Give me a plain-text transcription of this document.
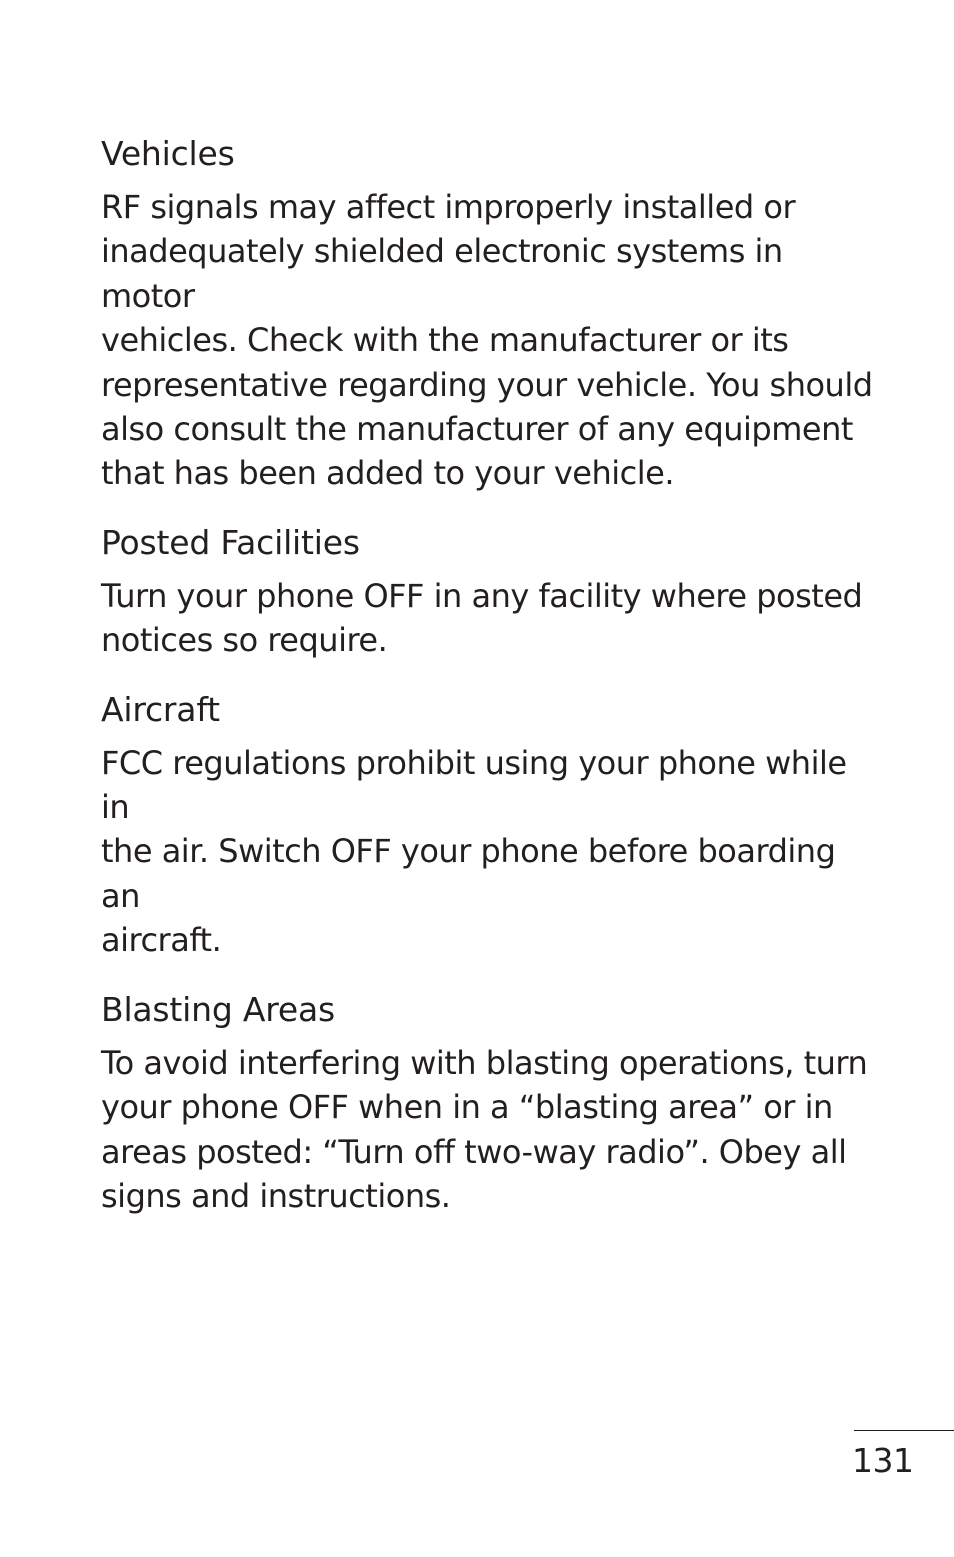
Vehicles

RF signals may affect improperly installed or
inadequately shielded electronic systems in motor
vehicles. Check with the manufacturer or its
representative regarding your vehicle. You should
also consult the manufacturer of any equipment
that has been added to your vehicle.

Posted Facilities

Turn your phone OFF in any facility where posted
notices so require.

Aircraft

FCC regulations prohibit using your phone while in
the air. Switch OFF your phone before boarding an
aircraft.

Blasting Areas

To avoid interfering with blasting operations, turn
your phone OFF when in a “blasting area” or in
areas posted: “Turn off two-way radio”. Obey all
signs and instructions.

131
